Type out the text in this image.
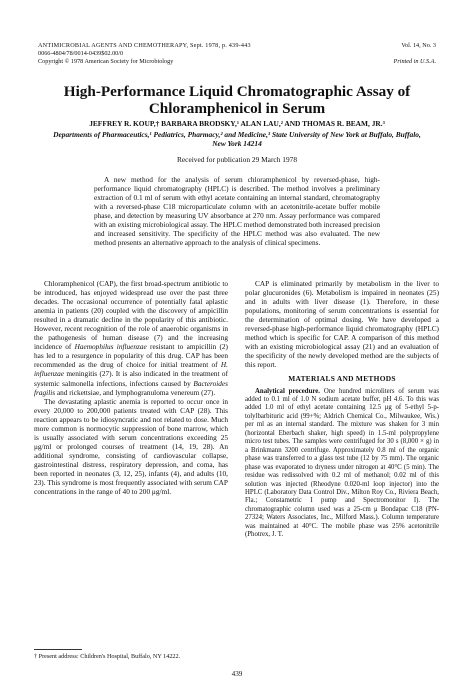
ANTIMICROBIAL AGENTS AND CHEMOTHERAPY, Sept. 1978, p. 439-443	Vol. 14, No. 3
0066-4804/78/0014-0439$02.00/0
Copyright © 1978 American Society for Microbiology	Printed in U.S.A.
High-Performance Liquid Chromatographic Assay of
Chloramphenicol in Serum
JEFFREY R. KOUP,† BARBARA BRODSKY,¹ ALAN LAU,² AND THOMAS R. BEAM, JR.³
Departments of Pharmaceutics,¹ Pediatrics, Pharmacy,² and Medicine,³ State University of New York at Buffalo, Buffalo, New York 14214
Received for publication 29 March 1978
A new method for the analysis of serum chloramphenicol by reversed-phase, high-performance liquid chromatography (HPLC) is described. The method involves a preliminary extraction of 0.1 ml of serum with ethyl acetate containing an internal standard, chromatography with a reversed-phase C18 microparticulate column with an acetonitrile-acetate buffer mobile phase, and detection by measuring UV absorbance at 270 nm. Assay performance was compared with an existing microbiological assay. The HPLC method demonstrated both increased precision and increased sensitivity. The specificity of the HPLC method was also evaluated. The new method presents an alternative approach to the analysis of clinical specimens.

Chloramphenicol (CAP), the first broad-spectrum antibiotic to be introduced, has enjoyed widespread use over the past three decades. The occasional occurrence of potentially fatal aplastic anemia in patients (20) coupled with the discovery of ampicillin resulted in a dramatic decline in the popularity of this antibiotic. However, recent recognition of the role of anaerobic organisms in the pathogenesis of human disease (7) and the increasing incidence of Haemophilus influenzae resistant to ampicillin (2) has led to a resurgence in popularity of this drug. CAP has been recommended as the drug of choice for initial treatment of H. influenzae meningitis (27). It is also indicated in the treatment of systemic salmonella infections, infections caused by Bacteroides fragilis and rickettsiae, and lymphogranuloma venereum (27).

The devastating aplastic anemia is reported to occur once in every 20,000 to 200,000 patients treated with CAP (28). This reaction appears to be idiosyncratic and not related to dose. Much more common is normocytic suppression of bone marrow, which is usually associated with serum concentrations exceeding 25 μg/ml or prolonged courses of treatment (14, 19, 28). An additional syndrome, consisting of cardiovascular collapse, gastrointestinal distress, respiratory depression, and coma, has been reported in neonates (3, 12, 25), infants (4), and adults (10, 23). This syndrome is most frequently associated with serum CAP concentrations in the range of 40 to 200 μg/ml.

CAP is eliminated primarily by metabolism in the liver to polar glucuronides (6). Metabolism is impaired in neonates (25) and in adults with liver disease (1). Therefore, in these populations, monitoring of serum concentrations is essential for the determination of optimal dosing. We have developed a reversed-phase high-performance liquid chromatography (HPLC) method which is specific for CAP. A comparison of this method with an existing microbiological assay (21) and an evaluation of the specificity of the newly developed method are the subjects of this report.

MATERIALS AND METHODS

Analytical procedure. One hundred microliters of serum was added to 0.1 ml of 1.0 N sodium acetate buffer, pH 4.6. To this was added 1.0 ml of ethyl acetate containing 12.5 μg of 5-ethyl 5-p-tolylbarbituric acid (99+%; Aldrich Chemical Co., Milwaukee, Wis.) per ml as an internal standard. The mixture was shaken for 3 min (horizontal Eberbach shaker, high speed) in 1.5-ml polypropylene micro test tubes. The samples were centrifuged for 30 s (8,000 × g) in a Brinkmann 3200 centrifuge. Approximately 0.8 ml of the organic phase was transferred to a glass test tube (12 by 75 mm). The organic phase was evaporated to dryness under nitrogen at 40°C (5 min). The residue was redissolved with 0.2 ml of methanol; 0.02 ml of this solution was injected (Rheodyne 0.020-ml loop injector) into the HPLC (Laboratory Data Control Div., Milton Roy Co., Riviera Beach, Fla.; Constametric I pump and Spectromonitor I). The chromatographic column used was a 25-cm μ Bondapac C18 (PN-27324; Waters Associates, Inc., Milford Mass.). Column temperature was maintained at 40°C. The mobile phase was 25% acetonitrile (Photrex, J. T.

† Present address: Children's Hospital, Buffalo, NY 14222.
439
